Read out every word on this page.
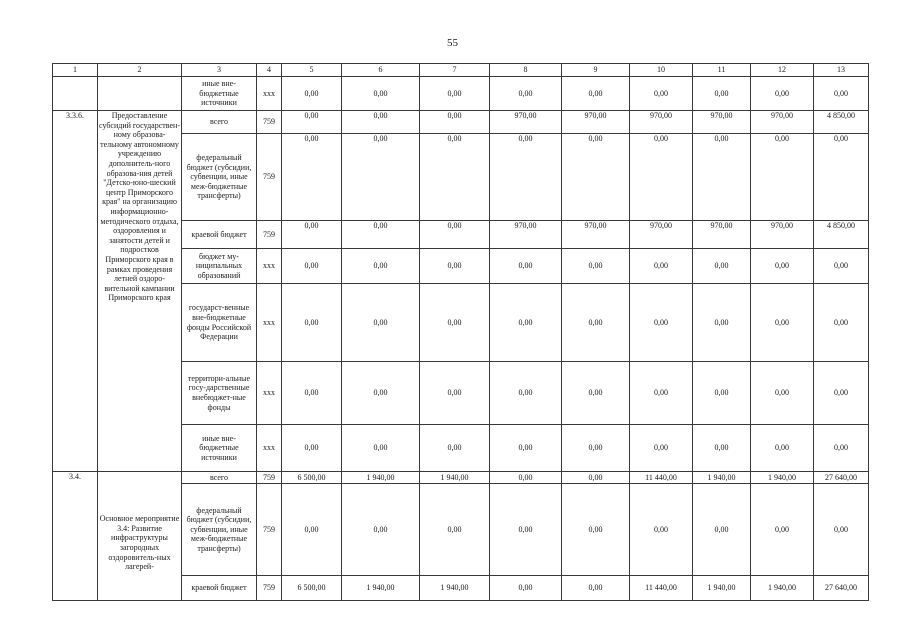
55
1	2	3	4	5	6	7	8	9	10	11	12	13
		иные вне-бюджетные источники	ххх	0,00	0,00	0,00	0,00	0,00	0,00	0,00	0,00	0,00
3.3.6.	Предоставление субсидий государствен-ному образова-тельному автономному учреждению дополнитель-ного образова-ния детей "Детско-юно-шеский центр Приморского края" на организацию информационно-методического отдыха, оздоровления и занятости детей и подростков Приморского края в рамках проведения летней оздоро-вительной кампании Приморского края	всего	759	0,00	0,00	0,00	970,00	970,00	970,00	970,00	970,00	4 850,00
		федеральный бюджет (субсидии, субвенции, иные меж-бюджетные трансферты)	759	0,00	0,00	0,00	0,00	0,00	0,00	0,00	0,00	0,00
		краевой бюджет	759	0,00	0,00	0,00	970,00	970,00	970,00	970,00	970,00	4 850,00
		бюджет му-ниципальных образований	ххх	0,00	0,00	0,00	0,00	0,00	0,00	0,00	0,00	0,00
		государст-венные вне-бюджетные фонды Российской Федерации	ххх	0,00	0,00	0,00	0,00	0,00	0,00	0,00	0,00	0,00
		территори-альные госу-дарственные внебюджет-ные фонды	ххх	0,00	0,00	0,00	0,00	0,00	0,00	0,00	0,00	0,00
		иные вне-бюджетные источники	ххх	0,00	0,00	0,00	0,00	0,00	0,00	0,00	0,00	0,00
3.4.	Основное мероприятие 3.4: Развитие инфраструктуры загородных оздоровитель-ных лагерей-	всего	759	6 500,00	1 940,00	1 940,00	0,00	0,00	11 440,00	1 940,00	1 940,00	27 640,00
		федеральный бюджет (субсидии, субвенции, иные меж-бюджетные трансферты)	759	0,00	0,00	0,00	0,00	0,00	0,00	0,00	0,00	0,00
		краевой бюджет	759	6 500,00	1 940,00	1 940,00	0,00	0,00	11 440,00	1 940,00	1 940,00	27 640,00
